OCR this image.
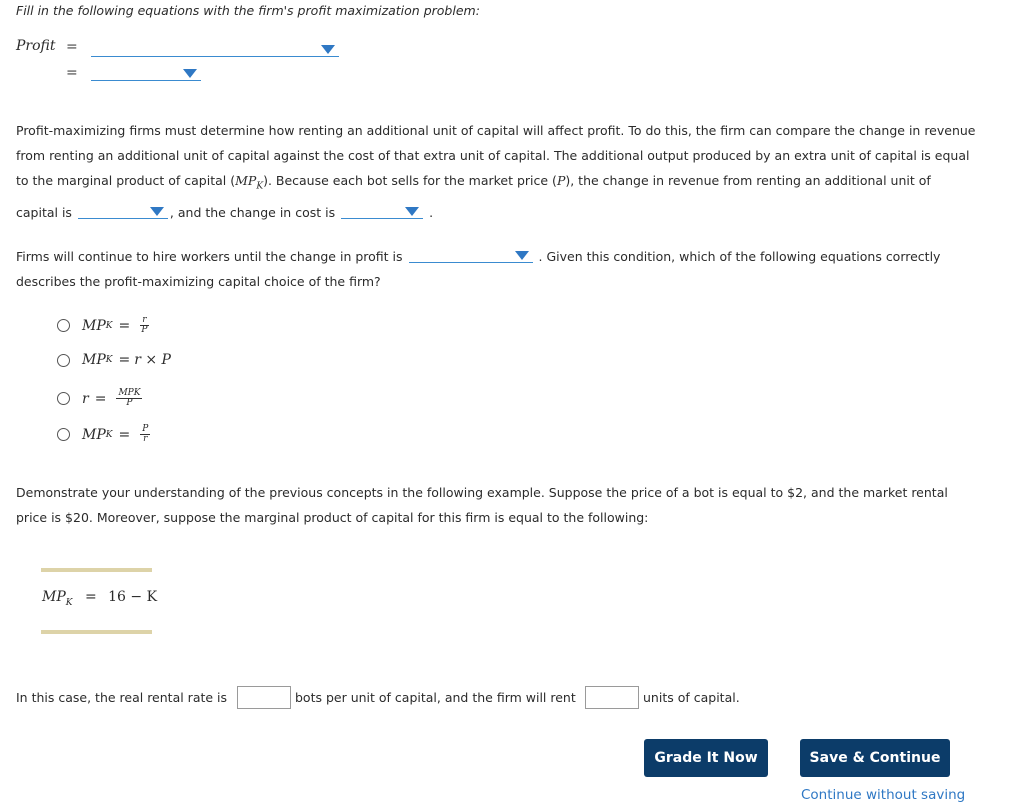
Fill in the following equations with the firm's profit maximization problem:
Profit =
=
Profit-maximizing firms must determine how renting an additional unit of capital will affect profit. To do this, the firm can compare the change in revenue from renting an additional unit of capital against the cost of that extra unit of capital. The additional output produced by an extra unit of capital is equal to the marginal product of capital $(MP_K)$. Because each bot sells for the market price (P), the change in revenue from renting an additional unit of capital is	, and the change in cost is	.
Firms will continue to hire workers until the change in profit is	. Given this condition, which of the following equations correctly describes the profit-maximizing capital choice of the firm?
MP $K = \frac{r}{P}$
MP K = r × P
$r = \frac{\text{MPK}}{P}$
MP $K = \frac{P}{r}$
Demonstrate your understanding of the previous concepts in the following example. Suppose the price of a bot is equal to $2, and the market rental price is $20. Moreover, suppose the marginal product of capital for this firm is equal to the following:
$MP_K = 16 - K$
In this case, the real rental rate is	bots per unit of capital, and the firm will rent	units of capital.
Grade It Now	Save & Continue
Continue without saving
